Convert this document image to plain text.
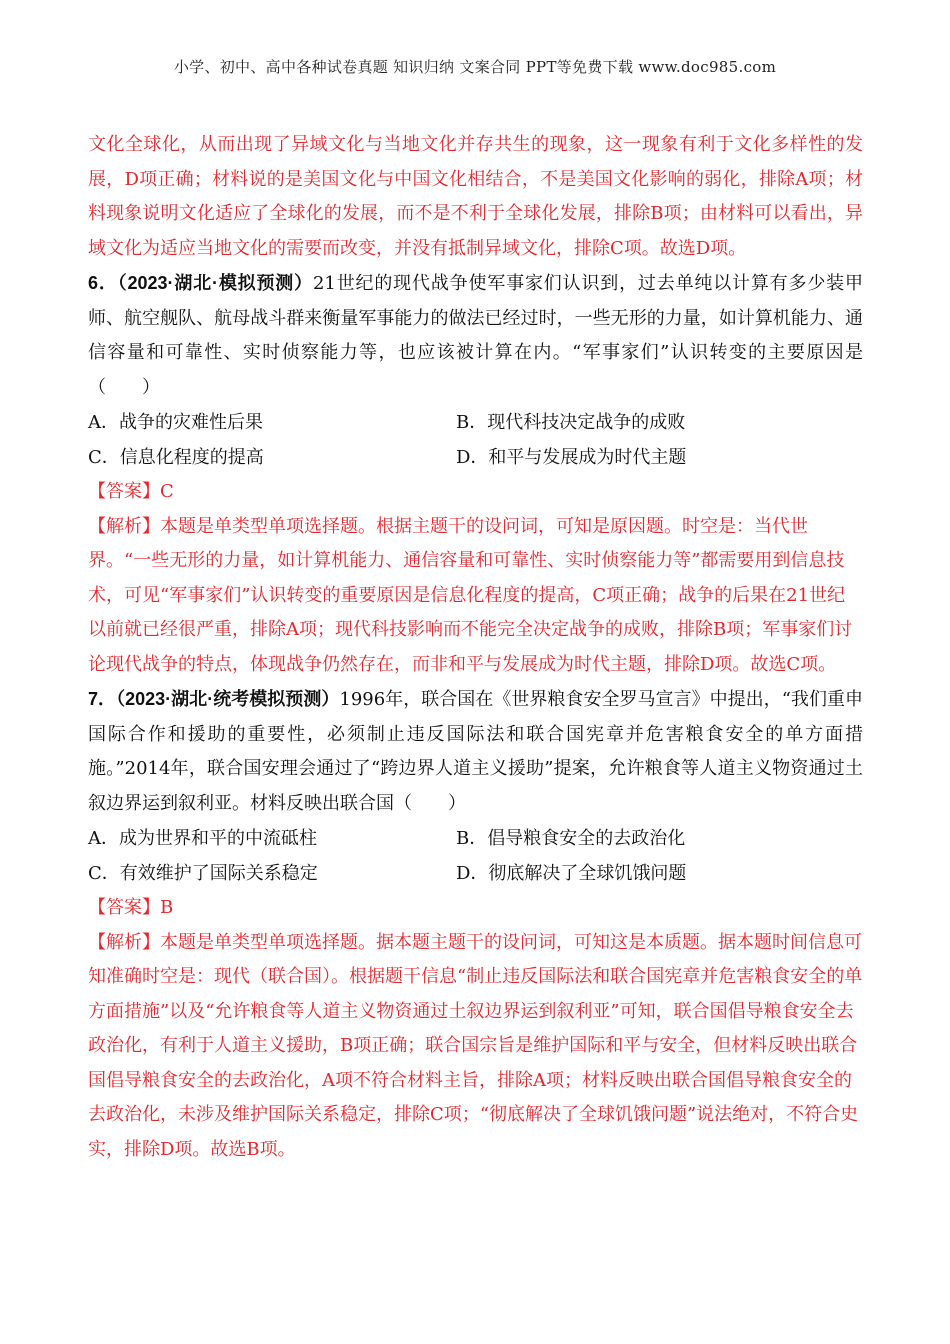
小学、初中、高中各种试卷真题 知识归纳 文案合同 PPT等免费下载 www.doc985.com

文化全球化，从而出现了异域文化与当地文化并存共生的现象，这一现象有利于文化多样性的发展，D项正确；材料说的是美国文化与中国文化相结合，不是美国文化影响的弱化，排除A项；材料现象说明文化适应了全球化的发展，而不是不利于全球化发展，排除B项；由材料可以看出，异域文化为适应当地文化的需要而改变，并没有抵制异域文化，排除C项。故选D项。

6．（2023·湖北·模拟预测）21世纪的现代战争使军事家们认识到，过去单纯以计算有多少装甲师、航空舰队、航母战斗群来衡量军事能力的做法已经过时，一些无形的力量，如计算机能力、通信容量和可靠性、实时侦察能力等，也应该被计算在内。“军事家们”认识转变的主要原因是（　　）

A．战争的灾难性后果	B．现代科技决定战争的成败
C．信息化程度的提高	D．和平与发展成为时代主题

【答案】C

【解析】本题是单类型单项选择题。根据主题干的设问词，可知是原因题。时空是：当代世界。“一些无形的力量，如计算机能力、通信容量和可靠性、实时侦察能力等”都需要用到信息技术，可见“军事家们”认识转变的重要原因是信息化程度的提高，C项正确；战争的后果在21世纪以前就已经很严重，排除A项；现代科技影响而不能完全决定战争的成败，排除B项；军事家们讨论现代战争的特点，体现战争仍然存在，而非和平与发展成为时代主题，排除D项。故选C项。

7．（2023·湖北·统考模拟预测）1996年，联合国在《世界粮食安全罗马宣言》中提出，“我们重申国际合作和援助的重要性，必须制止违反国际法和联合国宪章并危害粮食安全的单方面措施。”2014年，联合国安理会通过了“跨边界人道主义援助”提案，允许粮食等人道主义物资通过土叙边界运到叙利亚。材料反映出联合国（　　）

A．成为世界和平的中流砥柱	B．倡导粮食安全的去政治化
C．有效维护了国际关系稳定	D．彻底解决了全球饥饿问题

【答案】B

【解析】本题是单类型单项选择题。据本题主题干的设问词，可知这是本质题。据本题时间信息可知准确时空是：现代（联合国）。根据题干信息“制止违反国际法和联合国宪章并危害粮食安全的单方面措施”以及“允许粮食等人道主义物资通过土叙边界运到叙利亚”可知，联合国倡导粮食安全去政治化，有利于人道主义援助，B项正确；联合国宗旨是维护国际和平与安全，但材料反映出联合国倡导粮食安全的去政治化，A项不符合材料主旨，排除A项；材料反映出联合国倡导粮食安全的去政治化，未涉及维护国际关系稳定，排除C项；“彻底解决了全球饥饿问题”说法绝对，不符合史实，排除D项。故选B项。
